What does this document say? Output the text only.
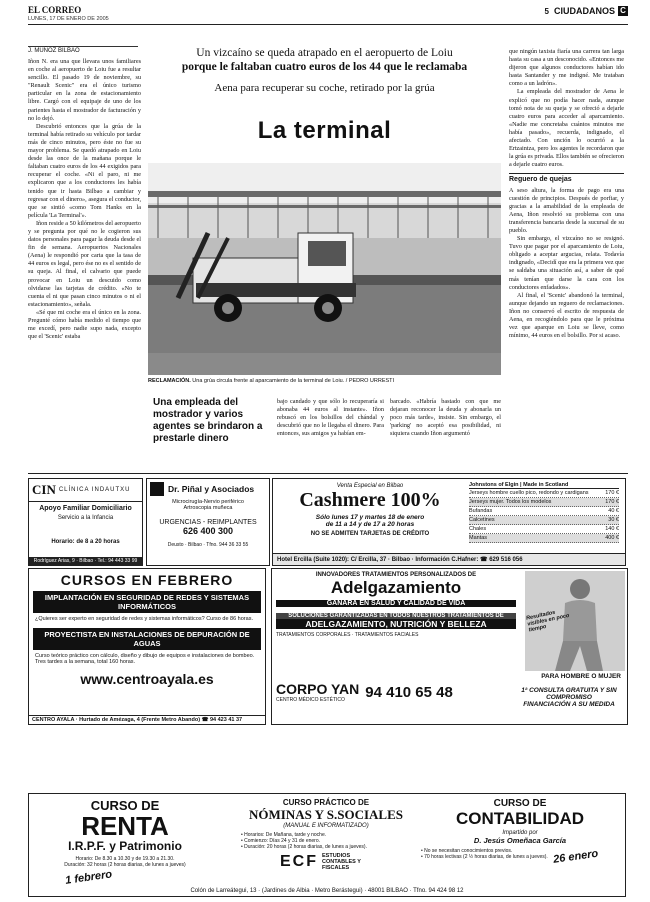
EL CORREO
LUNES, 17 DE ENERO DE 2005
5 CIUDADANOS C
J. MUÑOZ BILBAO

Iñon N. era una que llevara unos familiares en coche al aeropuerto de Loiu fue a resultar sencillo. El pasado 19 de noviembre, su "Renault Scenic" era el único turismo particular en la zona de estacionamiento libre. Cargó con el equipaje de uno de los parientes hasta el mostrador de facturación y no lo dejó.

Descubrió entonces que la grúa de la terminal había retirado su vehículo por tardar más de cinco minutos, pero éste no fue su mayor problema. Se quedó atrapado en Loiu desde las once de la mañana porque le faltaban cuatro euros de los 44 exigidos para recuperar el coche. «Ni el paro, ni me explicaron que a los conductores les había tenido que ir hasta Bilbao a cambiar y regresar con el dinero», asegura el conductor, que se sintió «como Tom Hanks en la película 'La Terminal'».

Iñon reside a 50 kilómetros del aeropuerto y se pregunta por qué no le cogieron sus datos personales para pagar la deuda desde el fin de semana. Aeropuertos Nacionales (Aena) le respondió por carta que la tasa de 44 euros es legal, pero ése no es el sentido de su queja. Al final, el calvario que puede provocar en Loiu un descuido como olvidarse las tarjetas de crédito. «No te cuenta el ni que pasan cinco minutos o ni el estacionamiento», señala.

«Sé que mi coche era el único en la zona. Pregunté cómo había medido el tiempo que me excedí, pero nadie supo nada, excepto que el 'Scenic' estaba

Un vizcaíno se queda atrapado en el aeropuerto de Loiu
porque le faltaban cuatro euros de los 44 que le reclamaba
Aena para recuperar su coche, retirado por la grúa
La terminal
RECLAMACIÓN. Una grúa circula frente al aparcamiento de la terminal de Loiu. / PEDRO URRESTI
Una empleada del mostrador y varios agentes se brindaron a prestarle dinero

bajo candado y que sólo lo recuperaría si abonaba 44 euros al instante». Iñon rebuscó en los bolsillos del chándal y descubrió que no le llegaba el dinero. Para entonces, sus amigos ya habían em-

barcado. «Habría bastado con que me dejaran reconocer la deuda y abonarla un poco más tarde», insiste. Sin embargo, el 'parking' no aceptó esa posibilidad, ni siquiera cuando Iñon argumentó

que ningún taxista fiaría una carrera tan larga hasta su casa a un desconocido. «Entonces me dijeron que algunos conductores habían ido hasta Santander y me indigné. Me trataban como a un ladrón».

La empleada del mostrador de Aena le explicó que no podía hacer nada, aunque tomó nota de su queja y se ofreció a dejarle cuatro euros para acceder al aparcamiento. «Nadie me concretaba cuántos minutos me había pasado», recuerda, indignado, el afectado. Con unción lo ocurrió a la Ertzaintza, pero los agentes le recordaron que la grúa es privada. Ellos también se ofrecieron a dejarle cuatro euros.

Reguero de quejas

A seso altura, la forma de pago era una cuestión de principios. Después de porfiar, y gracias a la amabilidad de la empleada de Aena, Iñon resolvió su problema con una transferencia bancaria desde la sucursal de su pueblo.

Sin embargo, el vizcaíno no se resignó. Tuvo que pagar por el aparcamiento de Loiu, obligado a aceptar argucias, relata. Todavía indignado, «Decidí que era la primera vez que se saldaba una situación así, a saber de qué más tenían que darse la cara con los conductores enfadados».

Al final, el 'Scenic' abandonó la terminal, aunque dejando un reguero de reclamaciones. Iñon no conservó el escrito de respuesta de Aena, en recogiéndolo para que le próxima vez que aparque en Loiu se lleve, como mínimo, 44 euros en el bolsillo. Por si acaso.

CIN CLÍNICA INDAUTXU
Apoyo Familiar Domiciliario
Servicio a la Infancia
Horario: de 8 a 20 horas
Rodríguez Arias, 9 · Bilbao · Tel.: 94 443 33 99
Dr. Piñal y Asociados
Microcirugía-Nervio periférico
Artroscopia muñeca
URGENCIAS - REIMPLANTES
626 400 300
Deusto · Bilbao · Tfno. 944 36 33 55
Venta Especial en Bilbao
Cashmere 100%
Sólo lunes 17 y martes 18 de enero
de 11 a 14 y de 17 a 20 horas
NO SE ADMITEN TARJETAS DE CRÉDITO
Johnstons of Elgin | Made in Scotland
Jerseys hombre cuello pico, redondo y cardigans	170 €
Jerseys mujer. Todos los modelos	170 €
Bufandas	40 €
Calcetines	30 €
Chales	140 €
Mantas	400 €
Hotel Ercilla (Suite 1020): C/ Ercilla, 37 · Bilbao · Información C.Hafner: ☎ 629 516 056
CURSOS EN FEBRERO
IMPLANTACIÓN EN SEGURIDAD DE REDES Y SISTEMAS INFORMÁTICOS
¿Quieres ser experto en seguridad de redes y sistemas informáticos? Curso de 86 horas.
PROYECTISTA EN INSTALACIONES DE DEPURACIÓN DE AGUAS
Curso teórico práctico con cálculo, diseño y dibujo de equipos e instalaciones de bombeo. Tres tardes a la semana, total 160 horas.
www.centroayala.es
CENTRO AYALA · Hurtado de Amézaga, 4 (Frente Metro Abando) ☎ 94 423 41 37
INNOVADORES TRATAMIENTOS PERSONALIZADOS DE
Adelgazamiento
GANARÁ EN SALUD Y CALIDAD DE VIDA
SOLUCIONES GARANTIZADAS EN TODOS NUESTROS TRATAMIENTOS DE
ADELGAZAMIENTO, NUTRICIÓN Y BELLEZA
TRATAMIENTOS CORPORALES · TRATAMIENTOS FACIALES
CORPO YAN
CENTRO MÉDICO ESTÉTICO	94 410 65 48
Resultados visibles en poco tiempo
PARA HOMBRE O MUJER
1ª CONSULTA GRATUITA Y SIN COMPROMISO
FINANCIACIÓN A SU MEDIDA
CURSO DE
RENTA
I.R.P.F. y Patrimonio
Horario: De 8.30 a 10.30 y de 19.30 a 21.30.
Duración: 32 horas (2 horas diarias, de lunes a jueves)
1 febrero
CURSO PRÁCTICO DE
NÓMINAS Y S.SOCIALES
(MANUAL E INFORMATIZADO)
• Horarios: De Mañana, tarde y noche.
• Comienzo: Días 24 y 31 de enero.
• Duración: 20 horas (2 horas diarias, de lunes a jueves).
ECF ESTUDIOS CONTABLES Y FISCALES
CURSO DE
CONTABILIDAD
Impartido por
D. Jesús Omeñaca García
• No se necesitan conocimientos previos.
• 70 horas lectivas (2 ½ horas diarias, de lunes a jueves). 26 enero
Colón de Larreátegui, 13 · (Jardines de Albia · Metro Berástegui) · 48001 BILBAO · Tfno. 94 424 98 12
